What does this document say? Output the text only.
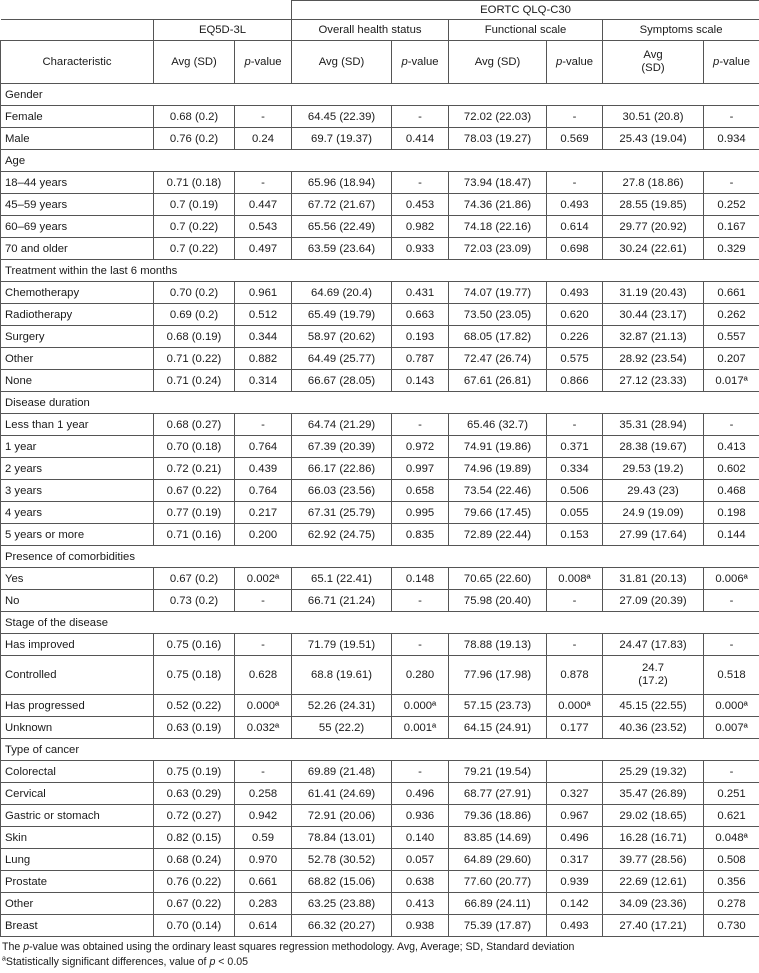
			EORTC QLQ-C30					
	EQ5D-3L		Overall health status		Functional scale		Symptoms scale	
Characteristic	Avg (SD)	p-value	Avg (SD)	p-value	Avg (SD)	p-value	Avg
(SD)	p-value
Gender								
Female	0.68 (0.2)	-	64.45 (22.39)	-	72.02 (22.03)	-	30.51 (20.8)	-
Male	0.76 (0.2)	0.24	69.7 (19.37)	0.414	78.03 (19.27)	0.569	25.43 (19.04)	0.934
Age								
18–44 years	0.71 (0.18)	-	65.96 (18.94)	-	73.94 (18.47)	-	27.8 (18.86)	-
45–59 years	0.7 (0.19)	0.447	67.72 (21.67)	0.453	74.36 (21.86)	0.493	28.55 (19.85)	0.252
60–69 years	0.7 (0.22)	0.543	65.56 (22.49)	0.982	74.18 (22.16)	0.614	29.77 (20.92)	0.167
70 and older	0.7 (0.22)	0.497	63.59 (23.64)	0.933	72.03 (23.09)	0.698	30.24 (22.61)	0.329
Treatment within the last 6 months								
Chemotherapy	0.70 (0.2)	0.961	64.69 (20.4)	0.431	74.07 (19.77)	0.493	31.19 (20.43)	0.661
Radiotherapy	0.69 (0.2)	0.512	65.49 (19.79)	0.663	73.50 (23.05)	0.620	30.44 (23.17)	0.262
Surgery	0.68 (0.19)	0.344	58.97 (20.62)	0.193	68.05 (17.82)	0.226	32.87 (21.13)	0.557
Other	0.71 (0.22)	0.882	64.49 (25.77)	0.787	72.47 (26.74)	0.575	28.92 (23.54)	0.207
None	0.71 (0.24)	0.314	66.67 (28.05)	0.143	67.61 (26.81)	0.866	27.12 (23.33)	0.017ª
Disease duration								
Less than 1 year	0.68 (0.27)	-	64.74 (21.29)	-	65.46 (32.7)	-	35.31 (28.94)	-
1 year	0.70 (0.18)	0.764	67.39 (20.39)	0.972	74.91 (19.86)	0.371	28.38 (19.67)	0.413
2 years	0.72 (0.21)	0.439	66.17 (22.86)	0.997	74.96 (19.89)	0.334	29.53 (19.2)	0.602
3 years	0.67 (0.22)	0.764	66.03 (23.56)	0.658	73.54 (22.46)	0.506	29.43 (23)	0.468
4 years	0.77 (0.19)	0.217	67.31 (25.79)	0.995	79.66 (17.45)	0.055	24.9 (19.09)	0.198
5 years or more	0.71 (0.16)	0.200	62.92 (24.75)	0.835	72.89 (22.44)	0.153	27.99 (17.64)	0.144
Presence of comorbidities								
Yes	0.67 (0.2)	0.002ª	65.1 (22.41)	0.148	70.65 (22.60)	0.008ª	31.81 (20.13)	0.006ª
No	0.73 (0.2)	-	66.71 (21.24)	-	75.98 (20.40)	-	27.09 (20.39)	-
Stage of the disease								
Has improved	0.75 (0.16)	-	71.79 (19.51)	-	78.88 (19.13)	-	24.47 (17.83)	-
Controlled	0.75 (0.18)	0.628	68.8 (19.61)	0.280	77.96 (17.98)	0.878	24.7
(17.2)	0.518
Has progressed	0.52 (0.22)	0.000ª	52.26 (24.31)	0.000ª	57.15 (23.73)	0.000ª	45.15 (22.55)	0.000ª
Unknown	0.63 (0.19)	0.032ª	55 (22.2)	0.001ª	64.15 (24.91)	0.177	40.36 (23.52)	0.007ª
Type of cancer								
Colorectal	0.75 (0.19)	-	69.89 (21.48)	-	79.21 (19.54)		25.29 (19.32)	-
Cervical	0.63 (0.29)	0.258	61.41 (24.69)	0.496	68.77 (27.91)	0.327	35.47 (26.89)	0.251
Gastric or stomach	0.72 (0.27)	0.942	72.91 (20.06)	0.936	79.36 (18.86)	0.967	29.02 (18.65)	0.621
Skin	0.82 (0.15)	0.59	78.84 (13.01)	0.140	83.85 (14.69)	0.496	16.28 (16.71)	0.048ª
Lung	0.68 (0.24)	0.970	52.78 (30.52)	0.057	64.89 (29.60)	0.317	39.77 (28.56)	0.508
Prostate	0.76 (0.22)	0.661	68.82 (15.06)	0.638	77.60 (20.77)	0.939	22.69 (12.61)	0.356
Other	0.67 (0.22)	0.283	63.25 (23.88)	0.413	66.89 (24.11)	0.142	34.09 (23.36)	0.278
Breast	0.70 (0.14)	0.614	66.32 (20.27)	0.938	75.39 (17.87)	0.493	27.40 (17.21)	0.730
The p-value was obtained using the ordinary least squares regression methodology. Avg, Average; SD, Standard deviation
$^a$Statistically significant differences, value of p < 0.05
